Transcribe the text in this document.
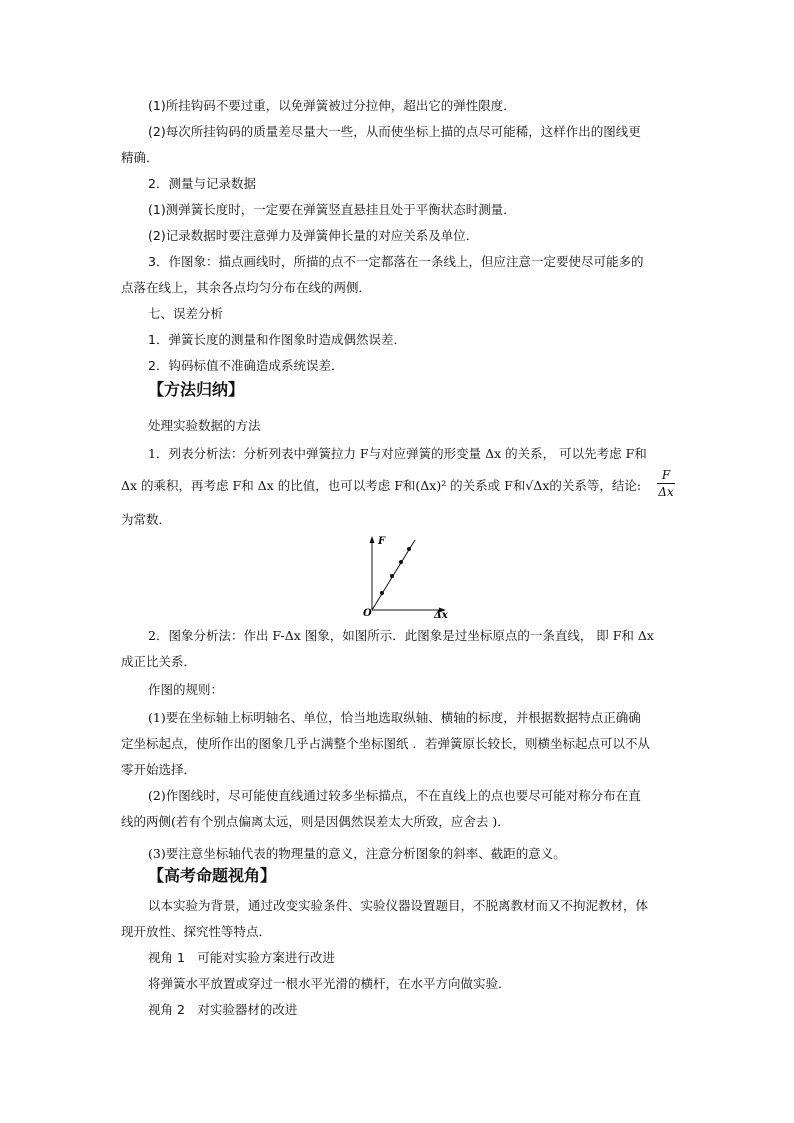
(1)所挂钩码不要过重，以免弹簧被过分拉伸，超出它的弹性限度．
(2)每次所挂钩码的质量差尽量大一些，从而使坐标上描的点尽可能稀，这样作出的图线更
精确．
2．测量与记录数据
(1)测弹簧长度时，一定要在弹簧竖直悬挂且处于平衡状态时测量．
(2)记录数据时要注意弹力及弹簧伸长量的对应关系及单位．
3．作图象：描点画线时，所描的点不一定都落在一条线上，但应注意一定要使尽可能多的
点落在线上，其余各点均匀分布在线的两侧．
七、误差分析
1．弹簧长度的测量和作图象时造成偶然误差．
2．钩码标值不准确造成系统误差．
【方法归纳】
处理实验数据的方法
1．列表分析法：分析列表中弹簧拉力 F与对应弹簧的形变量 Δx 的关系， 可以先考虑 F和
Δx 的乘积，再考虑 F和 Δx 的比值，也可以考虑 F和(Δx)² 的关系或 F和√Δx的关系等，结论:
F
Δx
为常数．
F
O	Δx
2．图象分析法：作出 F-Δx 图象，如图所示．此图象是过坐标原点的一条直线， 即 F和 Δx
成正比关系．
作图的规则：
(1)要在坐标轴上标明轴名、单位，恰当地选取纵轴、横轴的标度，并根据数据特点正确确
定坐标起点，使所作出的图象几乎占满整个坐标图纸 ．若弹簧原长较长，则横坐标起点可以不从
零开始选择．
(2)作图线时，尽可能使直线通过较多坐标描点，不在直线上的点也要尽可能对称分布在直
线的两侧(若有个别点偏离太远，则是因偶然误差太大所致，应舍去 )．
(3)要注意坐标轴代表的物理量的意义，注意分析图象的斜率、截距的意义。
【高考命题视角】
以本实验为背景，通过改变实验条件、实验仪器设置题目，不脱离教材而又不拘泥教材，体
现开放性、探究性等特点．
视角 1　可能对实验方案进行改进
将弹簧水平放置或穿过一根水平光滑的横杆，在水平方向做实验．
视角 2　对实验器材的改进
